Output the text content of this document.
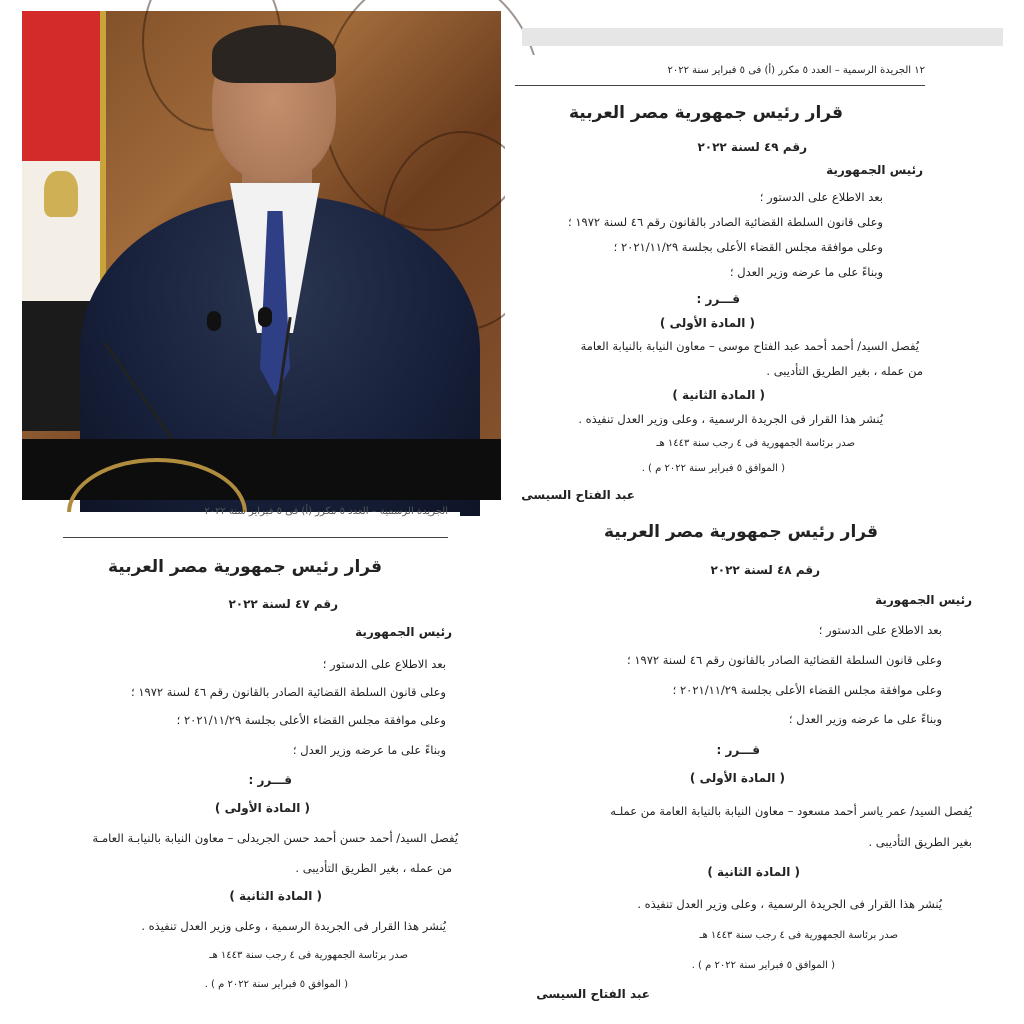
١٢ الجريدة الرسمية – العدد ٥ مكرر (أ) فى ٥ فبراير سنة ٢٠٢٢
قرار رئيس جمهورية مصر العربية
رقم ٤٩ لسنة ٢٠٢٢
رئيس الجمهورية
بعد الاطلاع على الدستور ؛
وعلى قانون السلطة القضائية الصادر بالقانون رقم ٤٦ لسنة ١٩٧٢ ؛
وعلى موافقة مجلس القضاء الأعلى بجلسة ٢٠٢١/١١/٢٩ ؛
وبناءً على ما عرضه وزير العدل ؛
قـــرر :
( المادة الأولى )
يُفصل السيد/ أحمد أحمد عبد الفتاح موسى – معاون النيابة بالنيابة العامة
من عمله ، بغير الطريق التأديبى .
( المادة الثانية )
يُنشر هذا القرار فى الجريدة الرسمية ، وعلى وزير العدل تنفيذه .
صدر برئاسة الجمهورية فى ٤ رجب سنة ١٤٤٣ هـ
( الموافق ٥ فبراير سنة ٢٠٢٢ م ) .
عبد الفتاح السيسى
الجريدة الرسمية – العدد ٥ مكرر (أ) فى ٥ فبراير سنة ٢٠٢٢
قرار رئيس جمهورية مصر العربية
رقم ٤٧ لسنة ٢٠٢٢
رئيس الجمهورية
بعد الاطلاع على الدستور ؛
وعلى قانون السلطة القضائية الصادر بالقانون رقم ٤٦ لسنة ١٩٧٢ ؛
وعلى موافقة مجلس القضاء الأعلى بجلسة ٢٠٢١/١١/٢٩ ؛
وبناءً على ما عرضه وزير العدل ؛
قـــرر :
( المادة الأولى )
يُفصل السيد/ أحمد حسن أحمد حسن الجريدلى – معاون النيابة بالنيابـة العامـة
من عمله ، بغير الطريق التأديبى .
( المادة الثانية )
يُنشر هذا القرار فى الجريدة الرسمية ، وعلى وزير العدل تنفيذه .
صدر برئاسة الجمهورية فى ٤ رجب سنة ١٤٤٣ هـ
( الموافق ٥ فبراير سنة ٢٠٢٢ م ) .
قرار رئيس جمهورية مصر العربية
رقم ٤٨ لسنة ٢٠٢٢
رئيس الجمهورية
بعد الاطلاع على الدستور ؛
وعلى قانون السلطة القضائية الصادر بالقانون رقم ٤٦ لسنة ١٩٧٢ ؛
وعلى موافقة مجلس القضاء الأعلى بجلسة ٢٠٢١/١١/٢٩ ؛
وبناءً على ما عرضه وزير العدل ؛
قـــرر :
( المادة الأولى )
يُفصل السيد/ عمر ياسر أحمد مسعود – معاون النيابة بالنيابة العامة من عملـه
بغير الطريق التأديبى .
( المادة الثانية )
يُنشر هذا القرار فى الجريدة الرسمية ، وعلى وزير العدل تنفيذه .
صدر برئاسة الجمهورية فى ٤ رجب سنة ١٤٤٣ هـ
( الموافق ٥ فبراير سنة ٢٠٢٢ م ) .
عبد الفتاح السيسى
